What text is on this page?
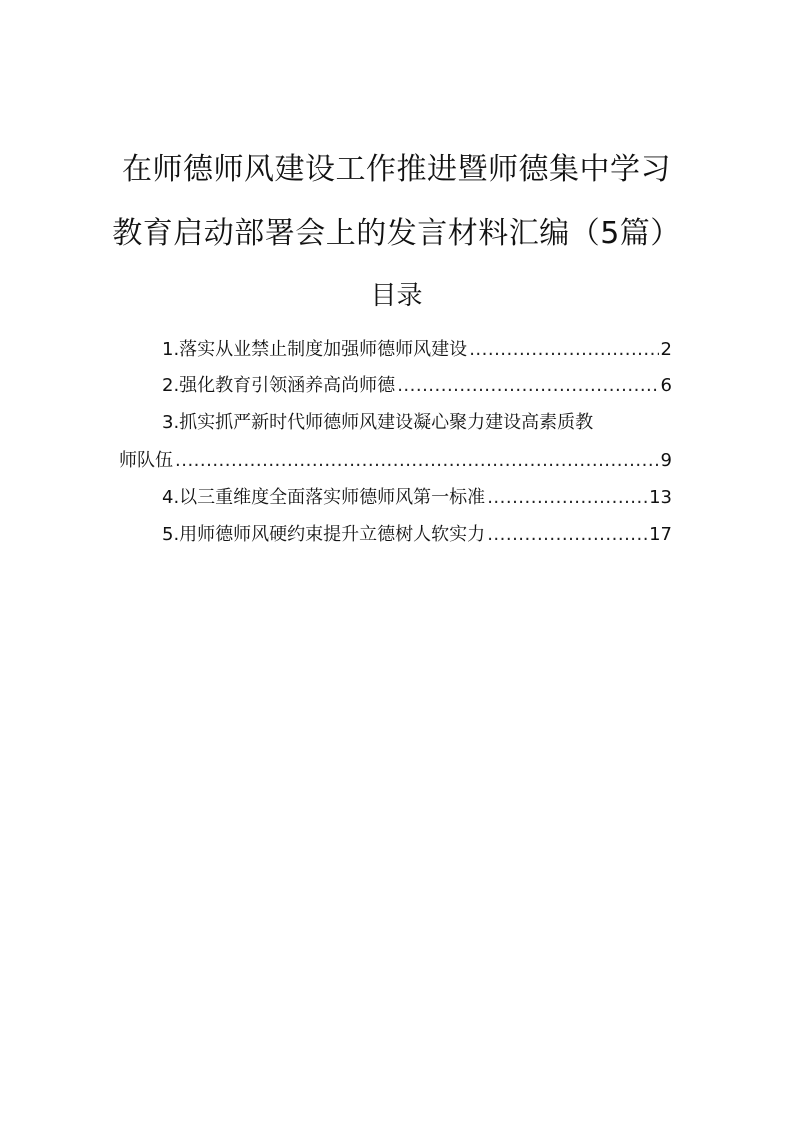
在师德师风建设工作推进暨师德集中学习
教育启动部署会上的发言材料汇编（5篇）
目录
1.落实从业禁止制度加强师德师风建设 .....	2
2.强化教育引领涵养高尚师德 .....	6
3.抓实抓严新时代师德师风建设凝心聚力建设高素质教
师队伍 .....	9
4.以三重维度全面落实师德师风第一标准 .....	13
5.用师德师风硬约束提升立德树人软实力 .....	17
